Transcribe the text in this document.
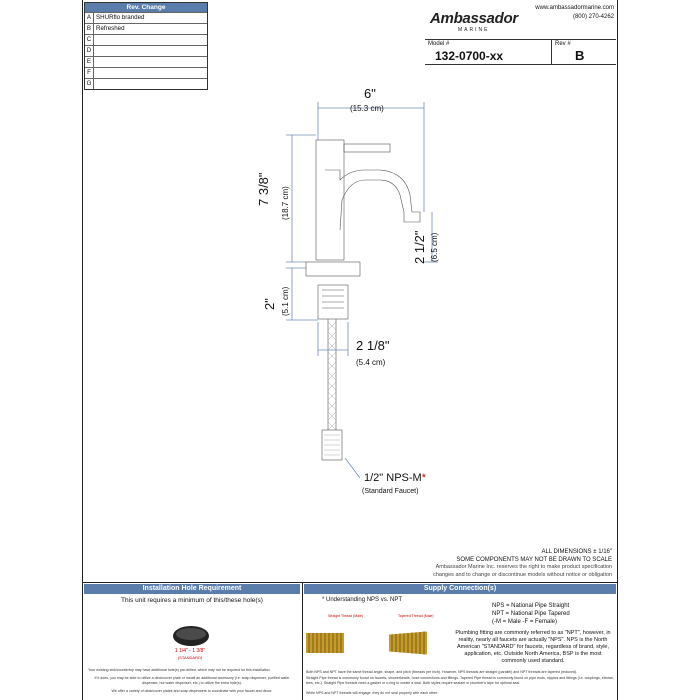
Rev. Change
A SHURflo branded
B Refreshed
C
D
E
F
G
Ambassador
MARINE
www.ambassadormarine.com
(800) 270-4262
Model #
132-0700-xx
Rev #
B
6"
(15.3 cm)
7 3/8" (18.7 cm)
2 1/2" (6.5 cm)
2" (5.1 cm)
2 1/8"
(5.4 cm)
1/2" NPS-M*
(Standard Faucet)
ALL DIMENSIONS ± 1/16"
SOME COMPONENTS MAY NOT BE DRAWN TO SCALE
Ambassador Marine Inc. reserves the right to make product specification
changes and to change or discontinue models without notice or obligation
Installation Hole Requirement
This unit requires a minimum of this/these hole(s)
1 1/4" - 1 3/8"
(STANDARD)
Your existing sink/countertop may have additional hole(s) pre-drilled, which may not be required for this installation.
If it does, you may be able to utilize a deck/cover plate or install an additional accessory (i.e. soap dispenser, purified water dispenser, hot water dispenser, etc.) to utilize the extra hole(s).
We offer a variety of deck/cover plates and soap dispensers to coordinate with your faucet and decor.
Supply Connection(s)
* Understanding NPS vs. NPT
Straight Thread (Male)	Tapered Thread (Male)
NPS = National Pipe Straight
NPT = National Pipe Tapered
(-M = Male -F = Female)
Plumbing fitting are commonly referred to as "NPT", however, in reality, nearly all faucets are actually "NPS". NPS is the North American "STANDARD" for faucets, regardless of brand, style, application, etc. Outside North America, BSP is the most commonly used standard.
Both NPS and NPT have the same thread angle, shape, and pitch (threads per inch). However, NPS threads are straight (parallel) and NPT threads are tapered (reduced).
Straight Pipe thread is commonly found on faucets, showerheads, hose connections and fittings. Tapered Pipe thread is commonly found on pipe ends, nipples and fittings (i.e. couplings, elbows, tees, etc.). Straight Pipe threads need a gasket or o-ring to create a seal. Both styles require sealant or plumber's tape for optimal seal.
While NPS and NPT threads will engage, they do not seal properly with each other.
